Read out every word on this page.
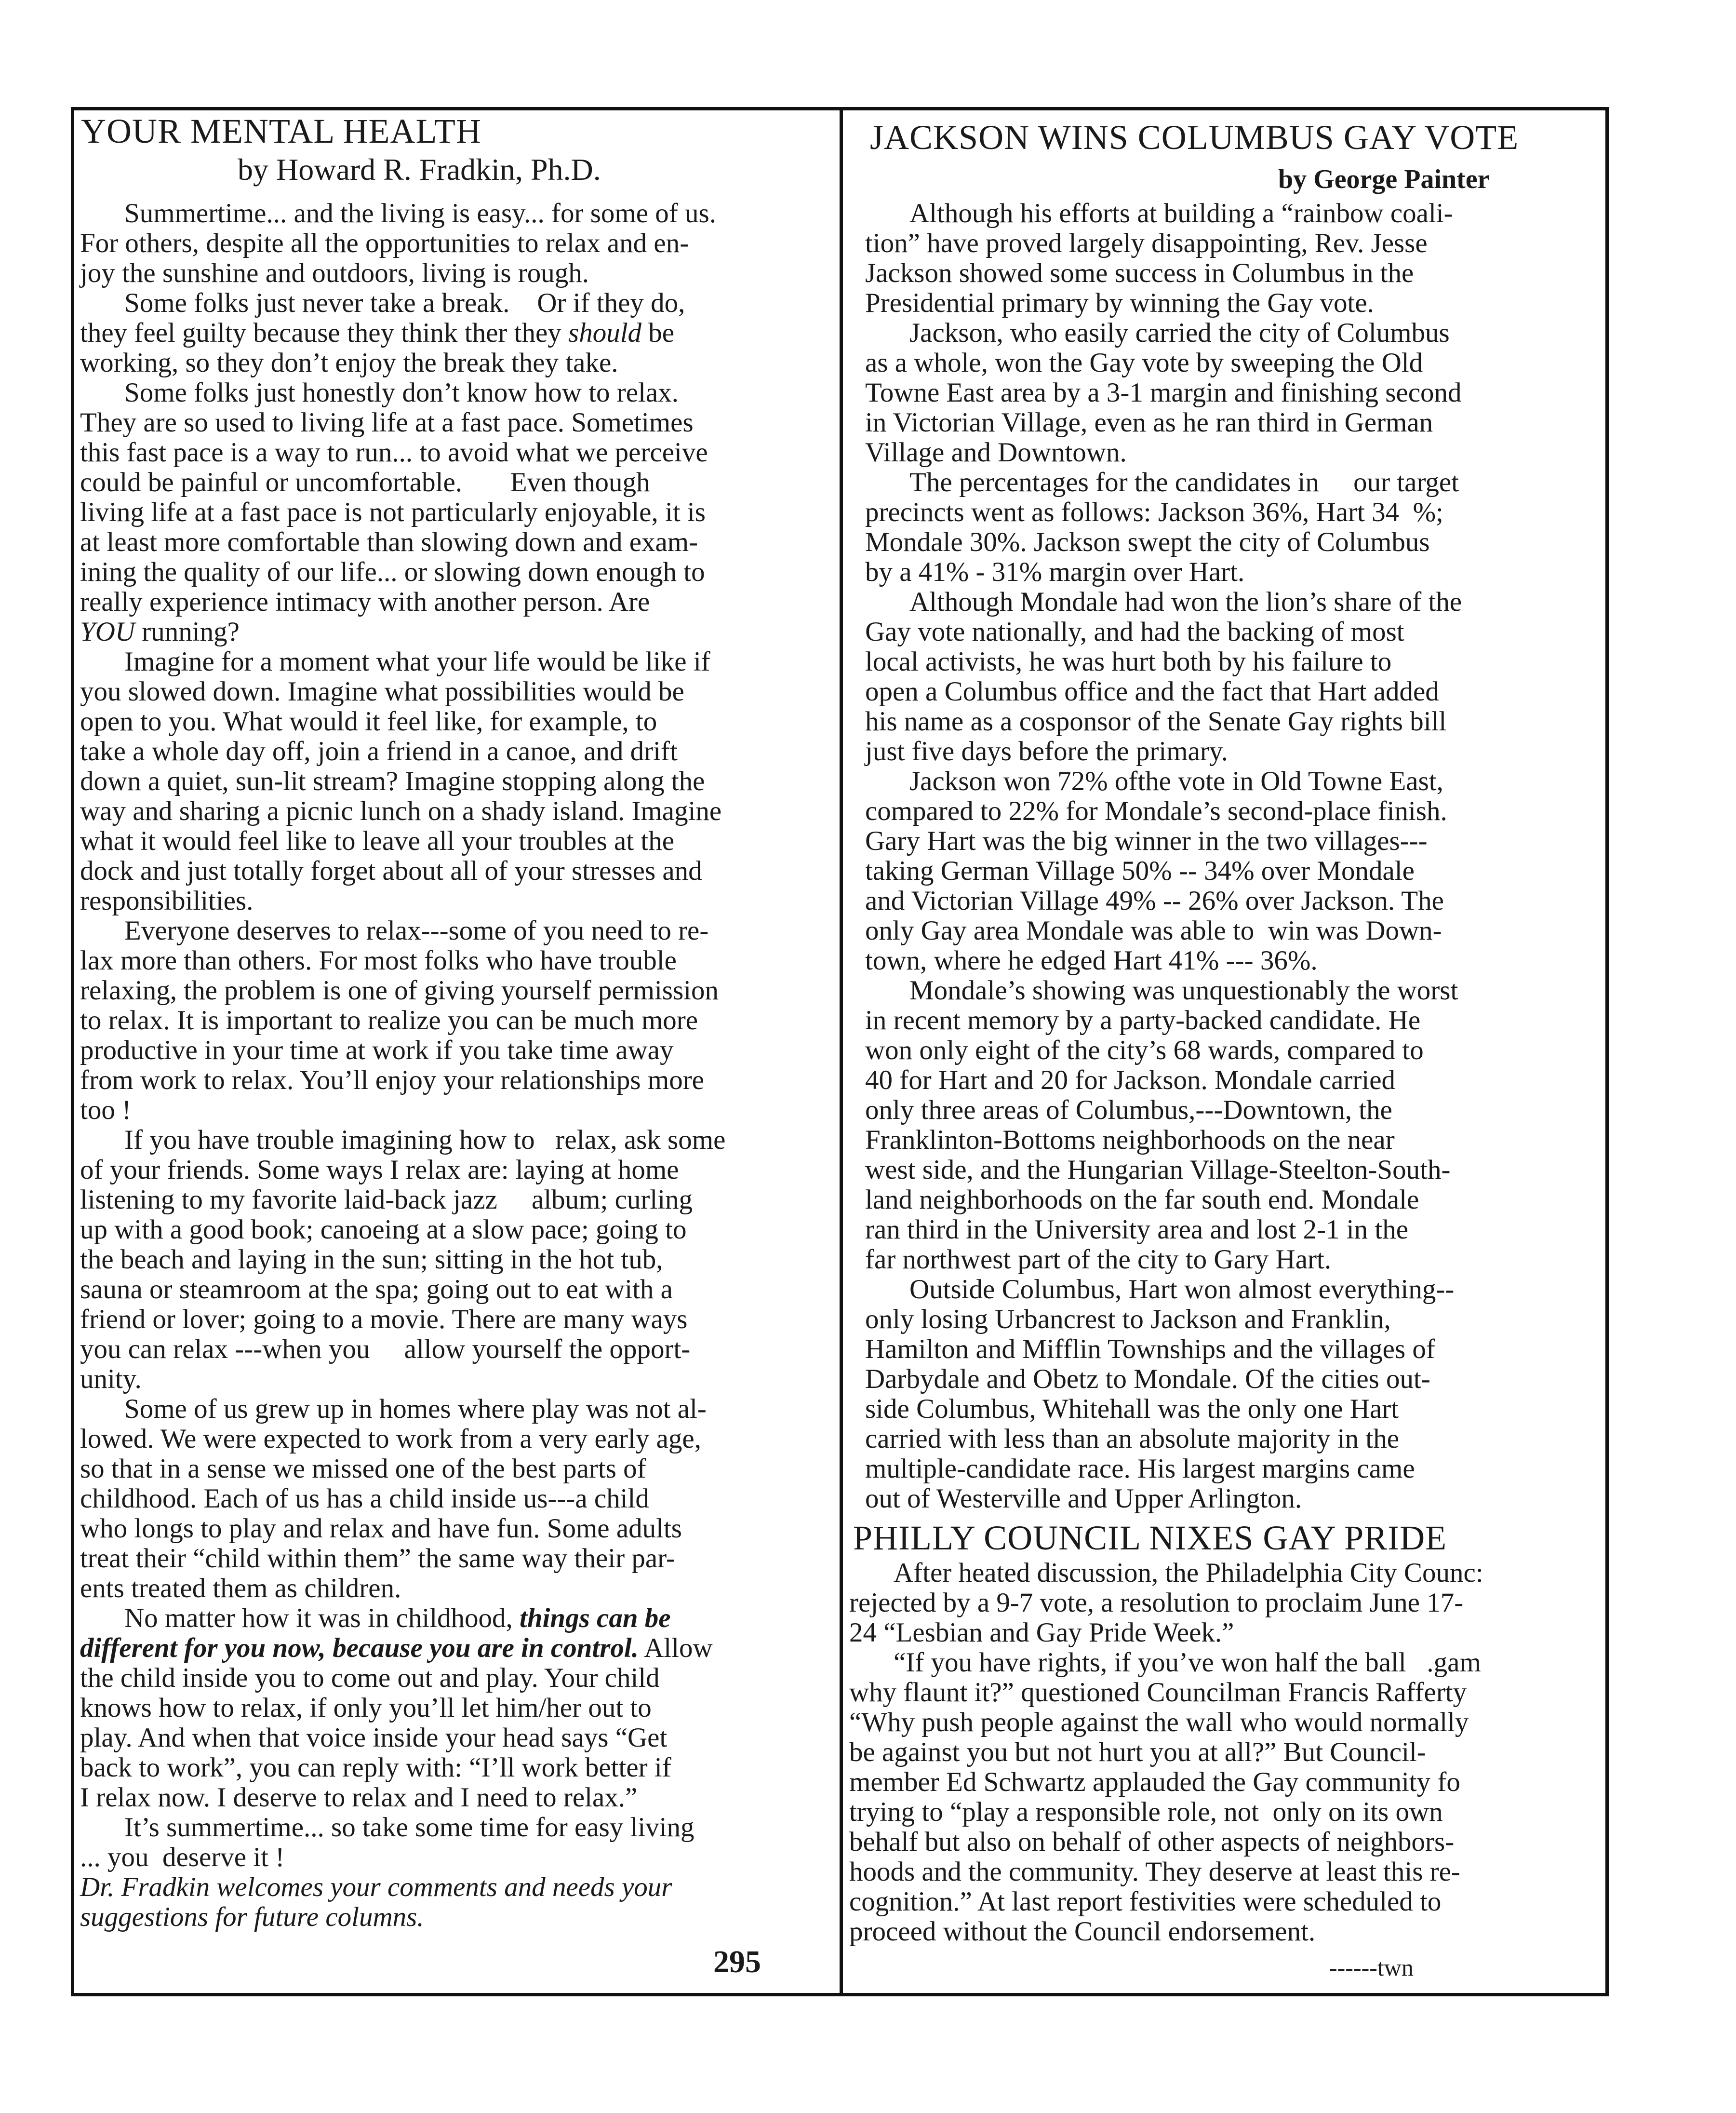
YOUR MENTAL HEALTH
by Howard R. Fradkin, Ph.D.
Summertime... and the living is easy... for some of us.
For others, despite all the opportunities to relax and en-
joy the sunshine and outdoors, living is rough.
Some folks just never take a break.    Or if they do,
they feel guilty because they think ther they should be
working, so they don’t enjoy the break they take.
Some folks just honestly don’t know how to relax.
They are so used to living life at a fast pace. Sometimes
this fast pace is a way to run... to avoid what we perceive
could be painful or uncomfortable.       Even though
living life at a fast pace is not particularly enjoyable, it is
at least more comfortable than slowing down and exam-
ining the quality of our life... or slowing down enough to
really experience intimacy with another person. Are
YOU running?
Imagine for a moment what your life would be like if
you slowed down. Imagine what possibilities would be
open to you. What would it feel like, for example, to
take a whole day off, join a friend in a canoe, and drift
down a quiet, sun-lit stream? Imagine stopping along the
way and sharing a picnic lunch on a shady island. Imagine
what it would feel like to leave all your troubles at the
dock and just totally forget about all of your stresses and
responsibilities.
Everyone deserves to relax---some of you need to re-
lax more than others. For most folks who have trouble
relaxing, the problem is one of giving yourself permission
to relax. It is important to realize you can be much more
productive in your time at work if you take time away
from work to relax. You’ll enjoy your relationships more
too !
If you have trouble imagining how to   relax, ask some
of your friends. Some ways I relax are: laying at home
listening to my favorite laid-back jazz     album; curling
up with a good book; canoeing at a slow pace; going to
the beach and laying in the sun; sitting in the hot tub,
sauna or steamroom at the spa; going out to eat with a
friend or lover; going to a movie. There are many ways
you can relax ---when you     allow yourself the opport-
unity.
Some of us grew up in homes where play was not al-
lowed. We were expected to work from a very early age,
so that in a sense we missed one of the best parts of
childhood. Each of us has a child inside us---a child
who longs to play and relax and have fun. Some adults
treat their “child within them” the same way their par-
ents treated them as children.
No matter how it was in childhood, things can be
different for you now, because you are in control. Allow
the child inside you to come out and play. Your child
knows how to relax, if only you’ll let him/her out to
play. And when that voice inside your head says “Get
back to work”, you can reply with: “I’ll work better if
I relax now. I deserve to relax and I need to relax.”
It’s summertime... so take some time for easy living
... you  deserve it !
Dr. Fradkin welcomes your comments and needs your
suggestions for future columns.
295
JACKSON WINS COLUMBUS GAY VOTE
by George Painter
Although his efforts at building a “rainbow coali-
tion” have proved largely disappointing, Rev. Jesse
Jackson showed some success in Columbus in the
Presidential primary by winning the Gay vote.
Jackson, who easily carried the city of Columbus
as a whole, won the Gay vote by sweeping the Old
Towne East area by a 3-1 margin and finishing second
in Victorian Village, even as he ran third in German
Village and Downtown.
The percentages for the candidates in     our target
precincts went as follows: Jackson 36%, Hart 34  %;
Mondale 30%. Jackson swept the city of Columbus
by a 41% - 31% margin over Hart.
Although Mondale had won the lion’s share of the
Gay vote nationally, and had the backing of most
local activists, he was hurt both by his failure to
open a Columbus office and the fact that Hart added
his name as a cosponsor of the Senate Gay rights bill
just five days before the primary.
Jackson won 72% ofthe vote in Old Towne East,
compared to 22% for Mondale’s second-place finish.
Gary Hart was the big winner in the two villages---
taking German Village 50% -- 34% over Mondale
and Victorian Village 49% -- 26% over Jackson. The
only Gay area Mondale was able to  win was Down-
town, where he edged Hart 41% --- 36%.
Mondale’s showing was unquestionably the worst
in recent memory by a party-backed candidate. He
won only eight of the city’s 68 wards, compared to
40 for Hart and 20 for Jackson. Mondale carried
only three areas of Columbus,---Downtown, the
Franklinton-Bottoms neighborhoods on the near
west side, and the Hungarian Village-Steelton-South-
land neighborhoods on the far south end. Mondale
ran third in the University area and lost 2-1 in the
far northwest part of the city to Gary Hart.
Outside Columbus, Hart won almost everything--
only losing Urbancrest to Jackson and Franklin,
Hamilton and Mifflin Townships and the villages of
Darbydale and Obetz to Mondale. Of the cities out-
side Columbus, Whitehall was the only one Hart
carried with less than an absolute majority in the
multiple-candidate race. His largest margins came
out of Westerville and Upper Arlington.
PHILLY COUNCIL NIXES GAY PRIDE
After heated discussion, the Philadelphia City Counc:
rejected by a 9-7 vote, a resolution to proclaim June 17-
24 “Lesbian and Gay Pride Week.”
“If you have rights, if you’ve won half the ball   .gam
why flaunt it?” questioned Councilman Francis Rafferty
“Why push people against the wall who would normally
be against you but not hurt you at all?” But Council-
member Ed Schwartz applauded the Gay community fo
trying to “play a responsible role, not  only on its own
behalf but also on behalf of other aspects of neighbors-
hoods and the community. They deserve at least this re-
cognition.” At last report festivities were scheduled to
proceed without the Council endorsement.
------twn
